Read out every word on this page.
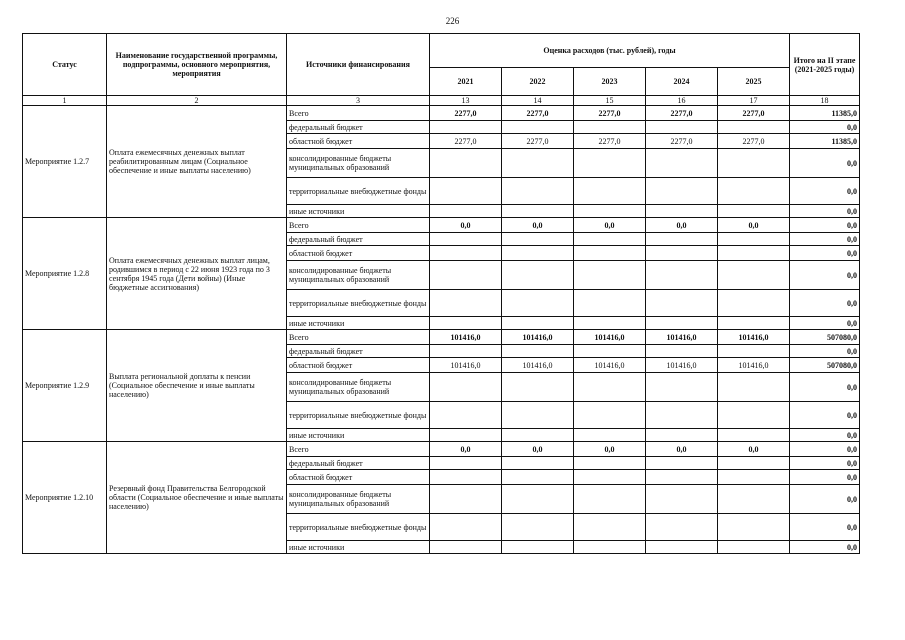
226
Статус	Наименование государственной программы, подпрограммы, основного мероприятия, мероприятия	Источники финансирования	Оценка расходов (тыс. рублей), годы					Итого на II этапе (2021-2025 годы)
			2021	2022	2023	2024	2025	
1	2	3	13	14	15	16	17	18
Мероприятие 1.2.7	Оплата ежемесячных денежных выплат реабилитированным лицам (Социальное обеспечение и иные выплаты населению)	Всего	2277,0	2277,0	2277,0	2277,0	2277,0	11385,0
		федеральный бюджет						0,0
		областной бюджет	2277,0	2277,0	2277,0	2277,0	2277,0	11385,0
		консолидированные бюджеты муниципальных образований						0,0
		территориальные внебюджетные фонды						0,0
		иные источники						0,0
Мероприятие 1.2.8	Оплата ежемесячных денежных выплат лицам, родившимся в период с 22 июня 1923 года по 3 сентября 1945 года (Дети войны) (Иные бюджетные ассигнования)	Всего	0,0	0,0	0,0	0,0	0,0	0,0
		федеральный бюджет						0,0
		областной бюджет						0,0
		консолидированные бюджеты муниципальных образований						0,0
		территориальные внебюджетные фонды						0,0
		иные источники						0,0
Мероприятие 1.2.9	Выплата региональной доплаты к пенсии (Социальное обеспечение и иные выплаты населению)	Всего	101416,0	101416,0	101416,0	101416,0	101416,0	507080,0
		федеральный бюджет						0,0
		областной бюджет	101416,0	101416,0	101416,0	101416,0	101416,0	507080,0
		консолидированные бюджеты муниципальных образований						0,0
		территориальные внебюджетные фонды						0,0
		иные источники						0,0
Мероприятие 1.2.10	Резервный фонд Правительства Белгородской области (Социальное обеспечение и иные выплаты населению)	Всего	0,0	0,0	0,0	0,0	0,0	0,0
		федеральный бюджет						0,0
		областной бюджет						0,0
		консолидированные бюджеты муниципальных образований						0,0
		территориальные внебюджетные фонды						0,0
		иные источники						0,0
